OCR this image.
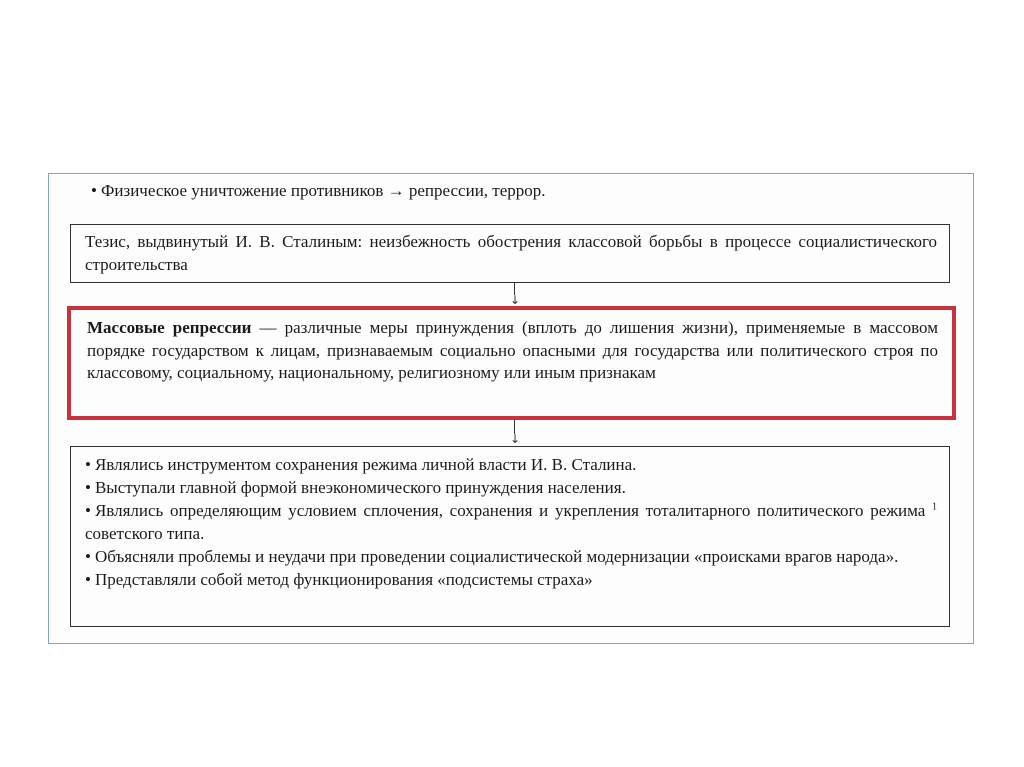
• Физическое уничтожение противников → репрессии, террор.
Тезис, выдвинутый И. В. Сталиным: неизбежность обострения классовой борьбы в процессе социалистического строительства
↓
Массовые репрессии — различные меры принуждения (вплоть до лишения жизни), применяемые в массовом порядке государством к лицам, признаваемым социально опасными для государства или политического строя по классовому, социальному, национальному, религиозному или иным признакам
↓
• Являлись инструментом сохранения режима личной власти И. В. Сталина.
• Выступали главной формой внеэкономического принуждения населения.
• Являлись определяющим условием сплочения, сохранения и укрепления тоталитарного политического режима $^1$ советского типа.
• Объясняли проблемы и неудачи при проведении социалистической модернизации «происками врагов народа».
• Представляли собой метод функционирования «подсистемы страха»
